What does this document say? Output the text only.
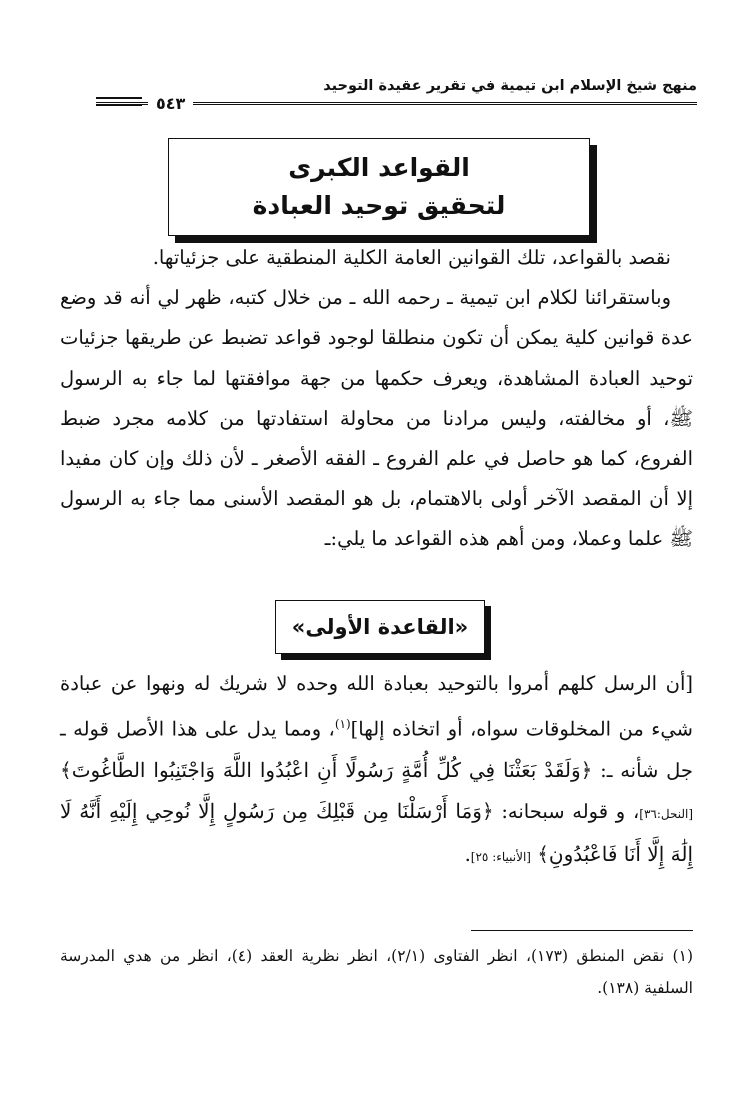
منهج شيخ الإسلام ابن تيمية في تقرير عقيدة التوحيد
٥٤٣
القواعد الكبرى
لتحقيق توحيد العبادة

نقصد بالقواعد، تلك القوانين العامة الكلية المنطقية على جزئياتها.

وباستقرائنا لكلام ابن تيمية ـ رحمه الله ـ من خلال كتبه، ظهر لي أنه قد وضع عدة قوانين كلية يمكن أن تكون منطلقا لوجود قواعد تضبط عن طريقها جزئيات توحيد العبادة المشاهدة، ويعرف حكمها من جهة موافقتها لما جاء به الرسول ﷺ، أو مخالفته، وليس مرادنا من محاولة استفادتها من كلامه مجرد ضبط الفروع، كما هو حاصل في علم الفروع ـ الفقه الأصغر ـ لأن ذلك وإن كان مفيدا إلا أن المقصد الآخر أولى بالاهتمام، بل هو المقصد الأسنى مما جاء به الرسول ﷺ علما وعملا، ومن أهم هذه القواعد ما يلي:ـ

«القاعدة الأولى»

[أن الرسل كلهم أمروا بالتوحيد بعبادة الله وحده لا شريك له ونهوا عن عبادة شيء من المخلوقات سواه، أو اتخاذه إلها]$^{(١)}$، ومما يدل على هذا الأصل قوله ـ جل شأنه ـ: ﴿وَلَقَدْ بَعَثْنَا فِي كُلِّ أُمَّةٍ رَسُولًا أَنِ اعْبُدُوا اللَّهَ وَاجْتَنِبُوا الطَّاغُوتَ﴾ [النحل:٣٦]، و قوله سبحانه: ﴿وَمَا أَرْسَلْنَا مِن قَبْلِكَ مِن رَسُولٍ إِلَّا نُوحِي إِلَيْهِ أَنَّهُ لَا إِلَٰهَ إِلَّا أَنَا فَاعْبُدُونِ﴾ [الأنبياء: ٢٥].

(١) نقض المنطق (١٧٣)، انظر الفتاوى (٢/١)، انظر نظرية العقد (٤)، انظر من هدي المدرسة السلفية (١٣٨).
